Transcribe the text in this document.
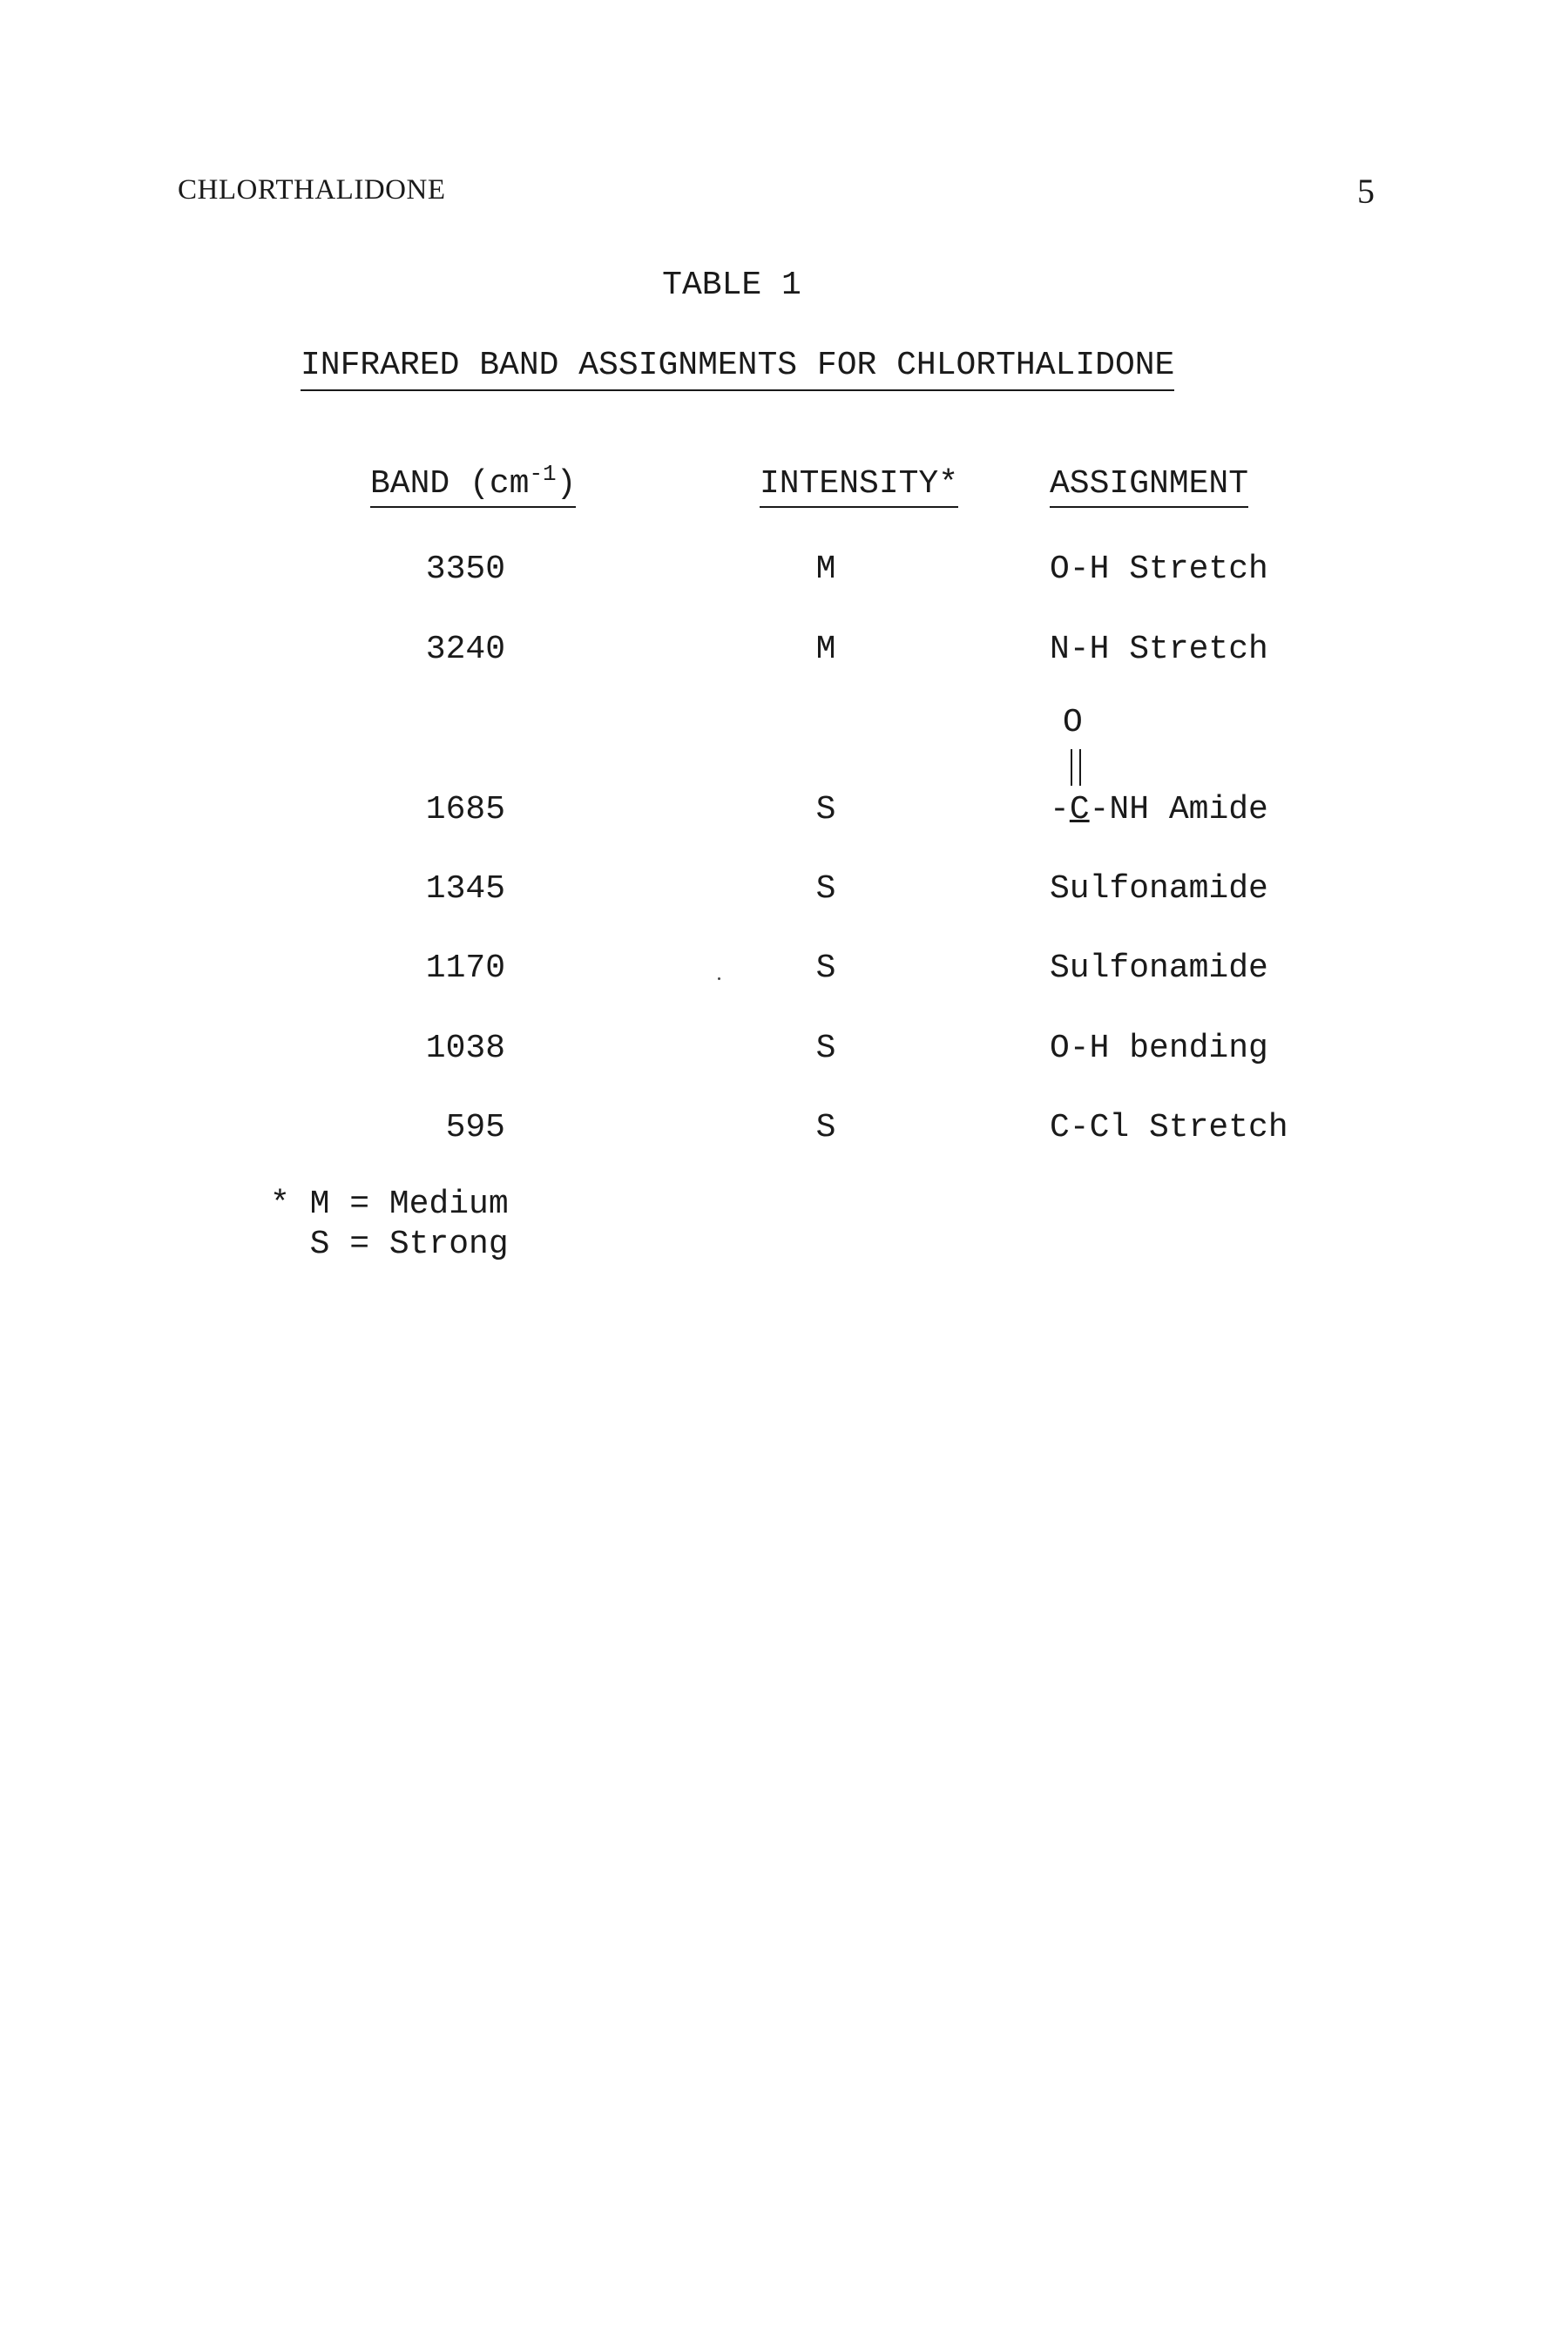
CHLORTHALIDONE	5
TABLE 1
INFRARED BAND ASSIGNMENTS FOR CHLORTHALIDONE
BAND $(cm^{-1})$	INTENSITY*	ASSIGNMENT
3350	M	O-H Stretch
3240	M	N-H Stretch
O
1685	S	-C-NH Amide
1345	S	Sulfonamide
1170	S	Sulfonamide
1038	S	O-H bending
595	S	C-Cl Stretch
* M = Medium
S = Strong
